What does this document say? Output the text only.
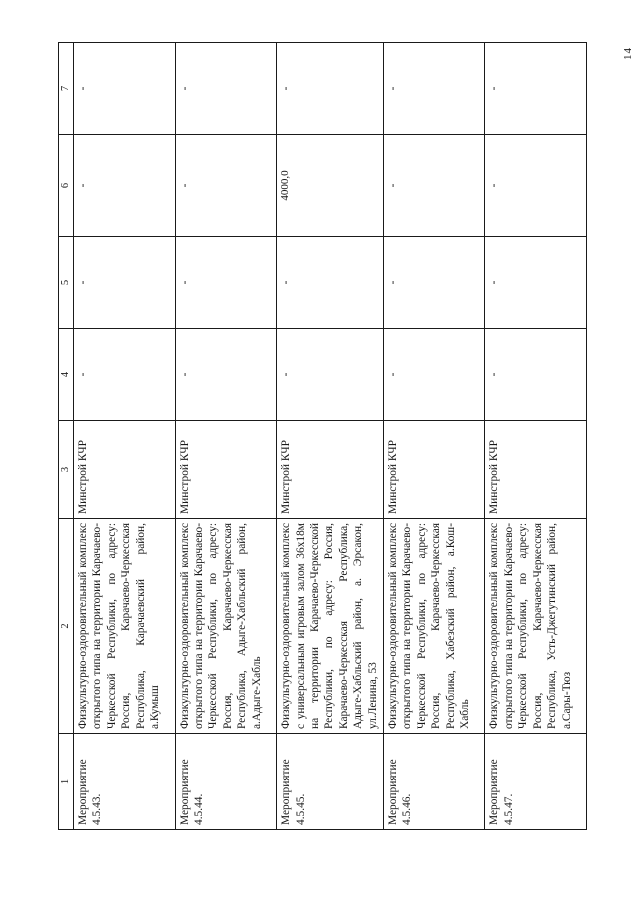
14
1	2	3	4	5	6	7
Мероприятие 4.5.43.	Физкультурно-оздоровительный комплекс открытого типа на территории Карачаево-Черкесской Республики, по адресу: Россия, Карачаево-Черкесская Республика, Карачаевский район, а.Кумыш	Минстрой КЧР	-	-	-	-
Мероприятие 4.5.44.	Физкультурно-оздоровительный комплекс открытого типа на территории Карачаево-Черкесской Республики, по адресу: Россия, Карачаево-Черкесская Республика, Адыге-Хабльский район, а.Адыге-Хабль	Минстрой КЧР	-	-	-	-
Мероприятие 4.5.45.	Физкультурно-оздоровительный комплекс с универсальным игровым залом 36х18м на территории Карачаево-Черкесской Республики, по адресу: Россия, Карачаево-Черкесская Республика, Адыге-Хабльский район, а. Эрсакон, ул.Ленина, 53	Минстрой КЧР	-	-	4000,0	-
Мероприятие 4.5.46.	Физкультурно-оздоровительный комплекс открытого типа на территории Карачаево-Черкесской Республики, по адресу: Россия, Карачаево-Черкесская Республика, Хабезский район, а.Кош-Хабль	Минстрой КЧР	-	-	-	-
Мероприятие 4.5.47.	Физкультурно-оздоровительный комплекс открытого типа на территории Карачаево-Черкесской Республики, по адресу: Россия, Карачаево-Черкесская Республика, Усть-Джегутинский район, а.Сары-Тюз	Минстрой КЧР	-	-	-	-
